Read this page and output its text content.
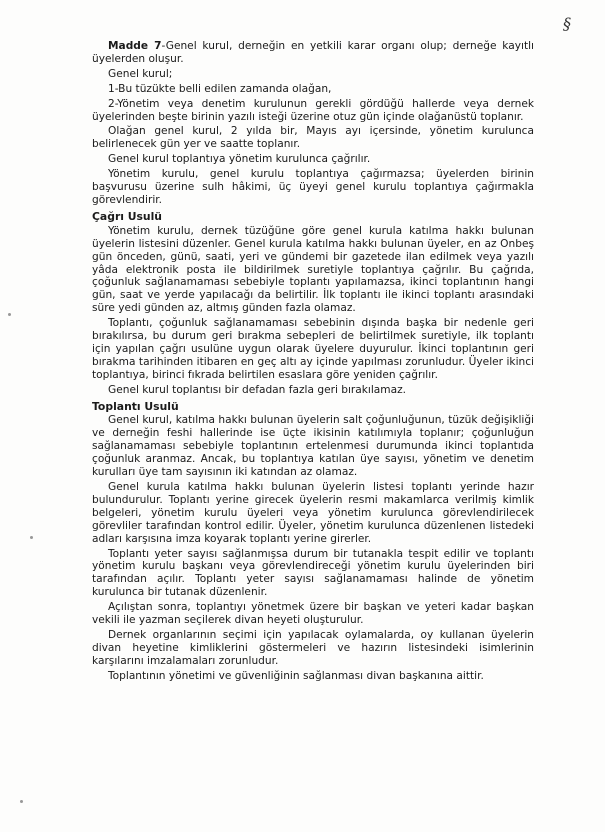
§

Madde 7-Genel kurul, derneğin en yetkili karar organı olup; derneğe kayıtlı üyelerden oluşur.

Genel kurul;

1-Bu tüzükte belli edilen zamanda olağan,

2-Yönetim veya denetim kurulunun gerekli gördüğü hallerde veya dernek üyelerinden beşte birinin yazılı isteği üzerine otuz gün içinde olağanüstü toplanır.

Olağan genel kurul, 2 yılda bir, Mayıs ayı içersinde, yönetim kurulunca belirlenecek gün yer ve saatte toplanır.

Genel kurul toplantıya yönetim kurulunca çağrılır.

Yönetim kurulu, genel kurulu toplantıya çağırmazsa; üyelerden birinin başvurusu üzerine sulh hâkimi, üç üyeyi genel kurulu toplantıya çağırmakla görevlendirir.

Çağrı Usulü

Yönetim kurulu, dernek tüzüğüne göre genel kurula katılma hakkı bulunan üyelerin listesini düzenler. Genel kurula katılma hakkı bulunan üyeler, en az Onbeş gün önceden, günü, saati, yeri ve gündemi bir gazetede ilan edilmek veya yazılı yâda elektronik posta ile bildirilmek suretiyle toplantıya çağrılır. Bu çağrıda, çoğunluk sağlanamaması sebebiyle toplantı yapılamazsa, ikinci toplantının hangi gün, saat ve yerde yapılacağı da belirtilir. İlk toplantı ile ikinci toplantı arasındaki süre yedi günden az, altmış günden fazla olamaz.

Toplantı, çoğunluk sağlanamaması sebebinin dışında başka bir nedenle geri bırakılırsa, bu durum geri bırakma sebepleri de belirtilmek suretiyle, ilk toplantı için yapılan çağrı usulüne uygun olarak üyelere duyurulur. İkinci toplantının geri bırakma tarihinden itibaren en geç altı ay içinde yapılması zorunludur. Üyeler ikinci toplantıya, birinci fıkrada belirtilen esaslara göre yeniden çağrılır.

Genel kurul toplantısı bir defadan fazla geri bırakılamaz.

Toplantı Usulü

Genel kurul, katılma hakkı bulunan üyelerin salt çoğunluğunun, tüzük değişikliği ve derneğin feshi hallerinde ise üçte ikisinin katılımıyla toplanır; çoğunluğun sağlanamaması sebebiyle toplantının ertelenmesi durumunda ikinci toplantıda çoğunluk aranmaz. Ancak, bu toplantıya katılan üye sayısı, yönetim ve denetim kurulları üye tam sayısının iki katından az olamaz.

Genel kurula katılma hakkı bulunan üyelerin listesi toplantı yerinde hazır bulundurulur. Toplantı yerine girecek üyelerin resmi makamlarca verilmiş kimlik belgeleri, yönetim kurulu üyeleri veya yönetim kurulunca görevlendirilecek görevliler tarafından kontrol edilir. Üyeler, yönetim kurulunca düzenlenen listedeki adları karşısına imza koyarak toplantı yerine girerler.

Toplantı yeter sayısı sağlanmışsa durum bir tutanakla tespit edilir ve toplantı yönetim kurulu başkanı veya görevlendireceği yönetim kurulu üyelerinden biri tarafından açılır. Toplantı yeter sayısı sağlanamaması halinde de yönetim kurulunca bir tutanak düzenlenir.

Açılıştan sonra, toplantıyı yönetmek üzere bir başkan ve yeteri kadar başkan vekili ile yazman seçilerek divan heyeti oluşturulur.

Dernek organlarının seçimi için yapılacak oylamalarda, oy kullanan üyelerin divan heyetine kimliklerini göstermeleri ve hazırın listesindeki isimlerinin karşılarını imzalamaları zorunludur.

Toplantının yönetimi ve güvenliğinin sağlanması divan başkanına aittir.
